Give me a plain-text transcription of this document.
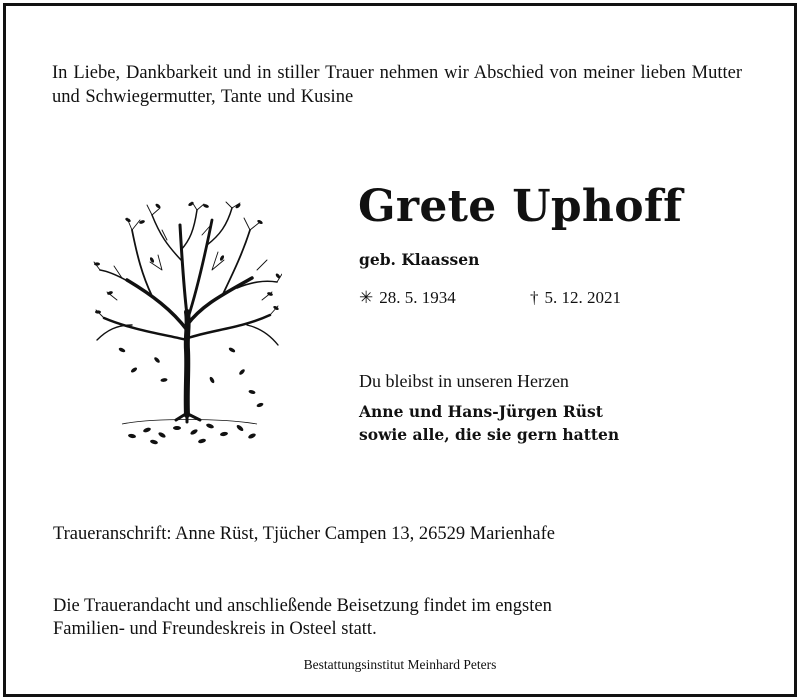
In Liebe, Dankbarkeit und in stiller Trauer nehmen wir Abschied von meiner lieben Mutter und Schwiegermutter, Tante und Kusine
Grete Uphoff
geb. Klaassen
✳ 28. 5. 1934	† 5. 12. 2021
Du bleibst in unseren Herzen
Anne und Hans-Jürgen Rüst
sowie alle, die sie gern hatten
Traueranschrift: Anne Rüst, Tjücher Campen 13, 26529 Marienhafe
Die Trauerandacht und anschließende Beisetzung findet im engsten
Familien- und Freundeskreis in Osteel statt.
Bestattungsinstitut Meinhard Peters
